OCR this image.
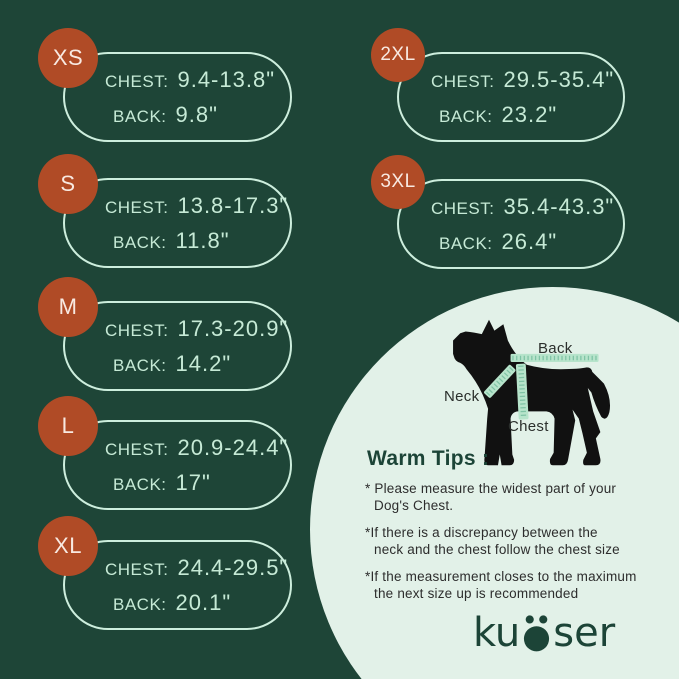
CHEST: 9.4-13.8"
BACK: 9.8"
XS
CHEST: 13.8-17.3"
BACK: 11.8"
S
CHEST: 17.3-20.9"
BACK: 14.2"
M
CHEST: 20.9-24.4"
BACK: 17"
L
CHEST: 24.4-29.5"
BACK: 20.1"
XL
CHEST: 29.5-35.4"
BACK: 23.2"
2XL
CHEST: 35.4-43.3"
BACK: 26.4"
3XL
Back
Neck
Chest
Warm Tips :
* Please measure the widest part of your
Dog's Chest.
*If there is a discrepancy between the
neck and the chest follow the chest size
*If the measurement closes to the maximum
the next size up is recommended
ku ser
